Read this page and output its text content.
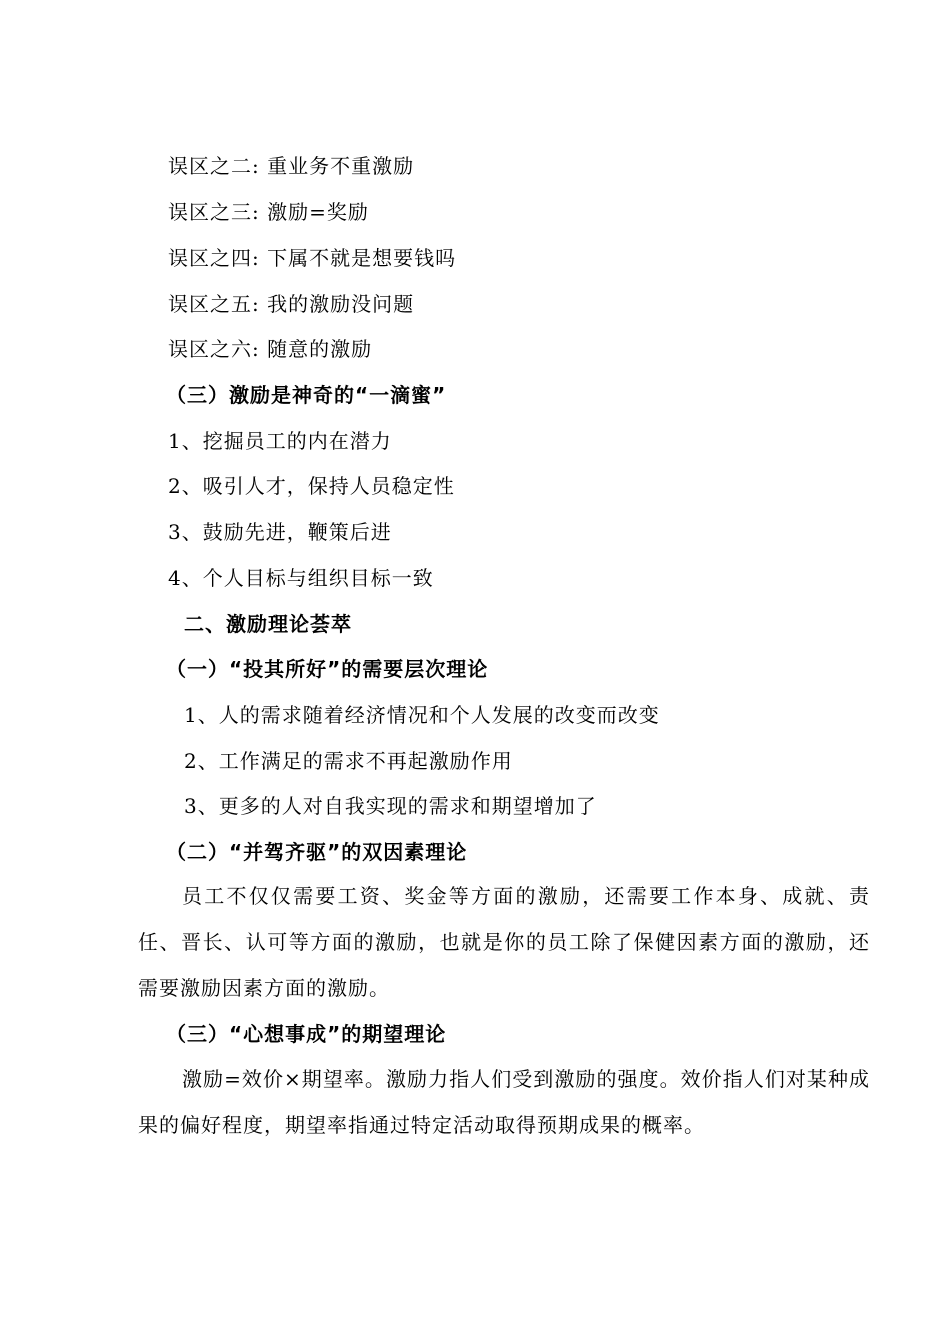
误区之二: 重业务不重激励
误区之三: 激励=奖励
误区之四: 下属不就是想要钱吗
误区之五: 我的激励没问题
误区之六: 随意的激励
（三）激励是神奇的“一滴蜜”
1、挖掘员工的内在潜力
2、吸引人才，保持人员稳定性
3、鼓励先进，鞭策后进
4、个人目标与组织目标一致
二、激励理论荟萃
（一）“投其所好”的需要层次理论
1、人的需求随着经济情况和个人发展的改变而改变
2、工作满足的需求不再起激励作用
3、更多的人对自我实现的需求和期望增加了
（二）“并驾齐驱”的双因素理论

员工不仅仅需要工资、奖金等方面的激励，还需要工作本身、成就、责任、晋长、认可等方面的激励，也就是你的员工除了保健因素方面的激励，还需要激励因素方面的激励。

（三）“心想事成”的期望理论

激励=效价×期望率。激励力指人们受到激励的强度。效价指人们对某种成果的偏好程度，期望率指通过特定活动取得预期成果的概率。
